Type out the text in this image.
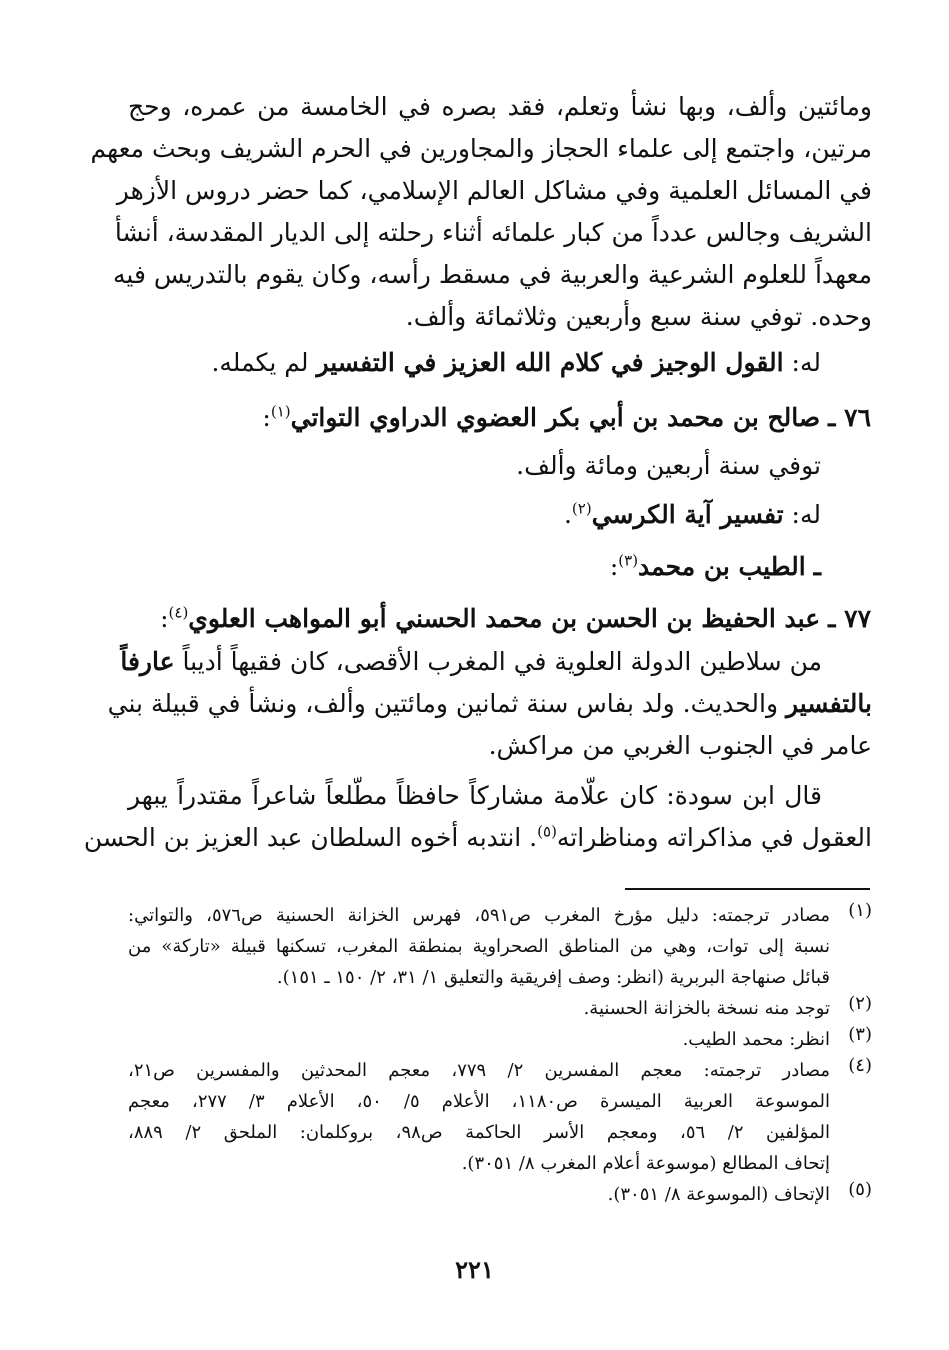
ومائتين وألف، وبها نشأ وتعلم، فقد بصره في الخامسة من عمره، وحج
مرتين، واجتمع إلى علماء الحجاز والمجاورين في الحرم الشريف وبحث معهم
في المسائل العلمية وفي مشاكل العالم الإسلامي، كما حضر دروس الأزهر
الشريف وجالس عدداً من كبار علمائه أثناء رحلته إلى الديار المقدسة، أنشأ
معهداً للعلوم الشرعية والعربية في مسقط رأسه، وكان يقوم بالتدريس فيه
وحده. توفي سنة سبع وأربعين وثلاثمائة وألف.
له: القول الوجيز في كلام الله العزيز في التفسير لم يكمله.
٧٦ ـ صالح بن محمد بن أبي بكر العضوي الدراوي التواتي$^{(١)}$:
توفي سنة أربعين ومائة وألف.
له: تفسير آية الكرسي$^{(٢)}$.
ـ الطيب بن محمد$^{(٣)}$:
٧٧ ـ عبد الحفيظ بن الحسن بن محمد الحسني أبو المواهب العلوي$^{(٤)}$:
من سلاطين الدولة العلوية في المغرب الأقصى، كان فقيهاً أديباً عارفاً
بالتفسير والحديث. ولد بفاس سنة ثمانين ومائتين وألف، ونشأ في قبيلة بني
عامر في الجنوب الغربي من مراكش.
قال ابن سودة: كان علّامة مشاركاً حافظاً مطّلعاً شاعراً مقتدراً يبهر
العقول في مذاكراته ومناظراته$^{(٥)}$. انتدبه أخوه السلطان عبد العزيز بن الحسن
(١)
مصادر ترجمته: دليل مؤرخ المغرب ص٥٩١، فهرس الخزانة الحسنية ص٥٧٦، والتواتي:
نسبة إلى توات، وهي من المناطق الصحراوية بمنطقة المغرب، تسكنها قبيلة «تاركة» من
قبائل صنهاجة البربرية (انظر: وصف إفريقية والتعليق ١/ ٣١، ٢/ ١٥٠ ـ ١٥١).
(٢)
توجد منه نسخة بالخزانة الحسنية.
(٣)
انظر: محمد الطيب.
(٤)
مصادر ترجمته: معجم المفسرين ٢/ ٧٧٩، معجم المحدثين والمفسرين ص٢١،
الموسوعة العربية الميسرة ص١١٨٠، الأعلام ٥/ ٥٠، الأعلام ٣/ ٢٧٧، معجم
المؤلفين ٢/ ٥٦، ومعجم الأسر الحاكمة ص٩٨، بروكلمان: الملحق ٢/ ٨٨٩،
إتحاف المطالع (موسوعة أعلام المغرب ٨/ ٣٠٥١).
(٥)
الإتحاف (الموسوعة ٨/ ٣٠٥١).
٢٢١
